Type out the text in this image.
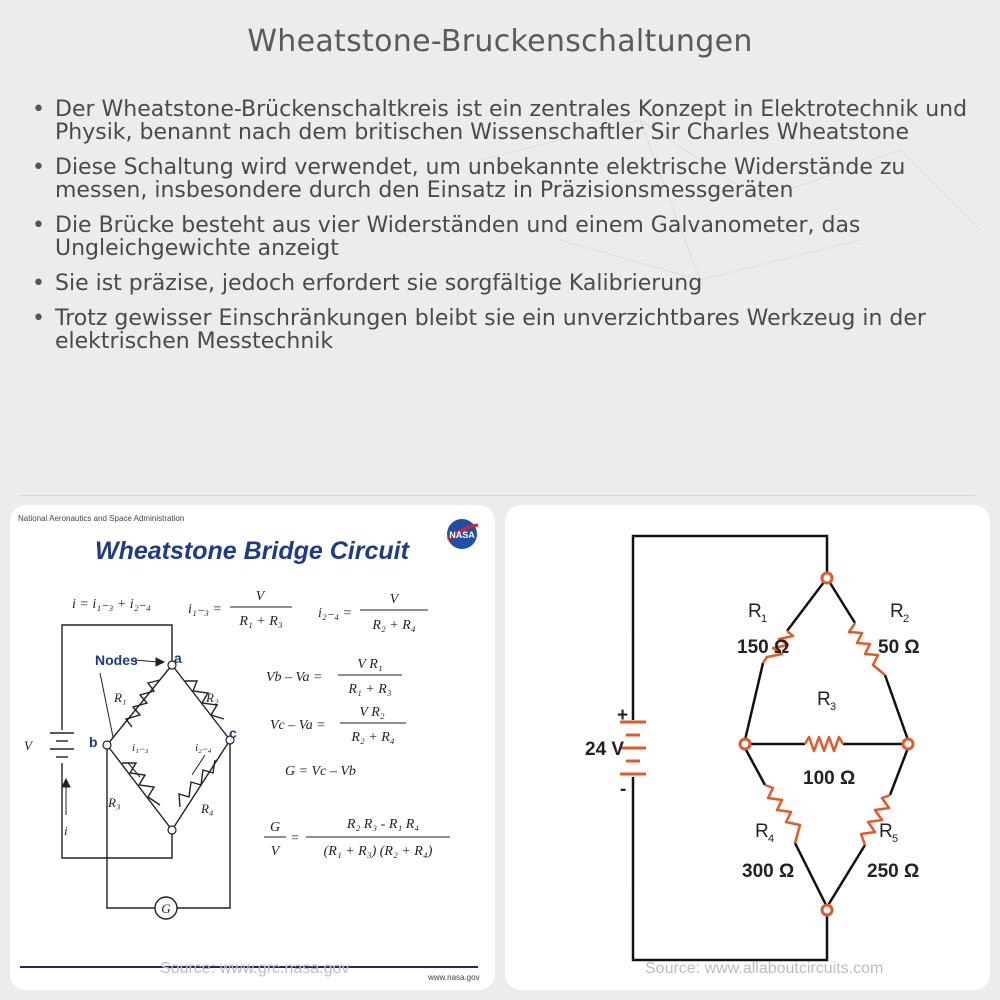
Wheatstone-Bruckenschaltungen
• Der Wheatstone-Brückenschaltkreis ist ein zentrales Konzept in Elektrotechnik und Physik, benannt nach dem britischen Wissenschaftler Sir Charles Wheatstone
• Diese Schaltung wird verwendet, um unbekannte elektrische Widerstände zu messen, insbesondere durch den Einsatz in Präzisionsmessgeräten
• Die Brücke besteht aus vier Widerständen und einem Galvanometer, das Ungleichgewichte anzeigt
• Sie ist präzise, jedoch erfordert sie sorgfältige Kalibrierung
• Trotz gewisser Einschränkungen bleibt sie ein unverzichtbares Werkzeug in der elektrischen Messtechnik
National Aeronautics and Space Administration
Wheatstone Bridge Circuit
NASA
G
Nodes	a
b
c
V
i
R₁	R₂
R₃	R₄
i₁₋₃	i₂₋₄
i = i₁₋₃ + i₂₋₄	i₁₋₃ =
V
R₁ + R₃
i₂₋₄ =
V
R₂ + R₄
Vb – Va =
V R₁
R₁ + R₃
Vc – Va =
V R₂
R₂ + R₄
G = Vc – Vb
G
V
=
R₂ R₃ - R₁ R₄
(R₁ + R₃) (R₂ + R₄)
Source: www.grc.nasa.gov
www.nasa.gov
24 V
+
-
R 1
150 Ω
R 2
50 Ω
R 3
100 Ω
R 4
300 Ω
R 5
250 Ω
Source: www.allaboutcircuits.com
